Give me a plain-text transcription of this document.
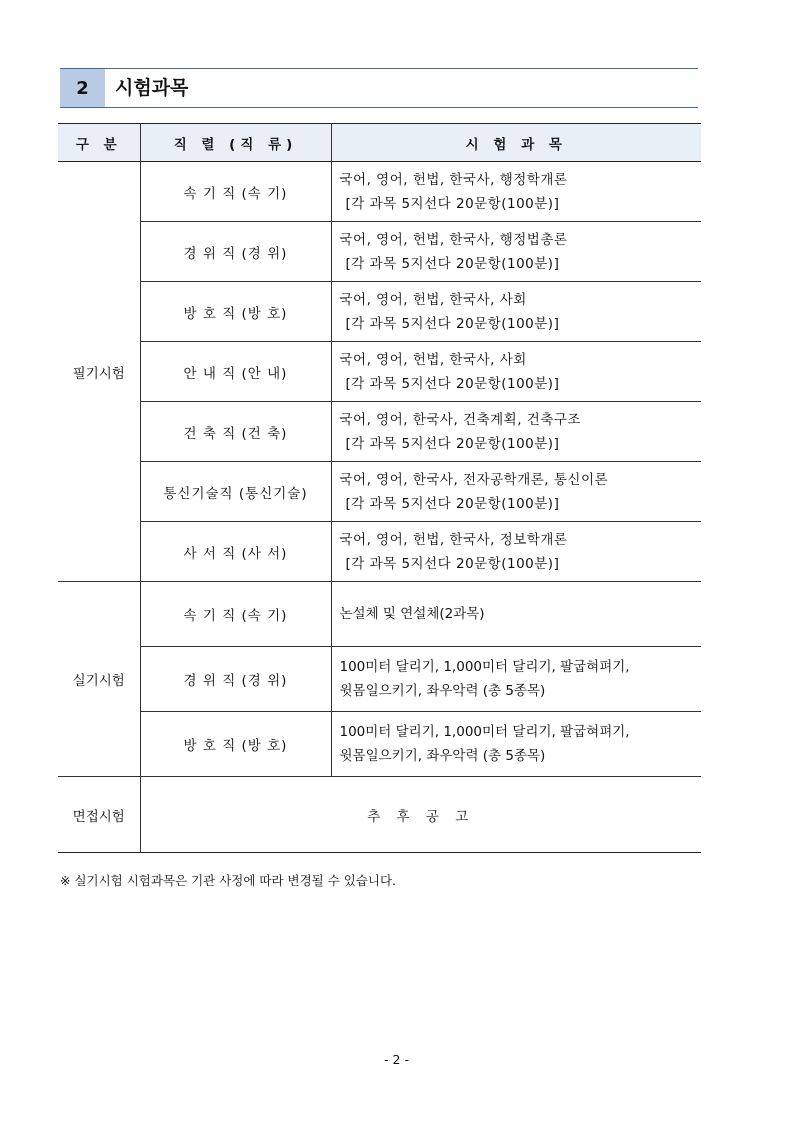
2	시험과목
구 분	직 렬 (직 류)	시 험 과 목
필기시험	속 기 직 (속 기)	국어, 영어, 헌법, 한국사, 행정학개론
[각 과목 5지선다 20문항(100분)]

	경 위 직 (경 위)	국어, 영어, 헌법, 한국사, 행정법총론
[각 과목 5지선다 20문항(100분)]

	방 호 직 (방 호)	국어, 영어, 헌법, 한국사, 사회
[각 과목 5지선다 20문항(100분)]

	안 내 직 (안 내)	국어, 영어, 헌법, 한국사, 사회
[각 과목 5지선다 20문항(100분)]

	건 축 직 (건 축)	국어, 영어, 한국사, 건축계획, 건축구조
[각 과목 5지선다 20문항(100분)]

	통신기술직 (통신기술)	국어, 영어, 한국사, 전자공학개론, 통신이론
[각 과목 5지선다 20문항(100분)]

	사 서 직 (사 서)	국어, 영어, 헌법, 한국사, 정보학개론
[각 과목 5지선다 20문항(100분)]

실기시험	속 기 직 (속 기)	논설체 및 연설체(2과목)

	경 위 직 (경 위)	100미터 달리기, 1,000미터 달리기, 팔굽혀펴기,
윗몸일으키기, 좌우악력 (총 5종목)

	방 호 직 (방 호)	100미터 달리기, 1,000미터 달리기, 팔굽혀펴기,
윗몸일으키기, 좌우악력 (총 5종목)

면접시험	추 후 공 고	
※ 실기시험 시험과목은 기관 사정에 따라 변경될 수 있습니다.
- 2 -
